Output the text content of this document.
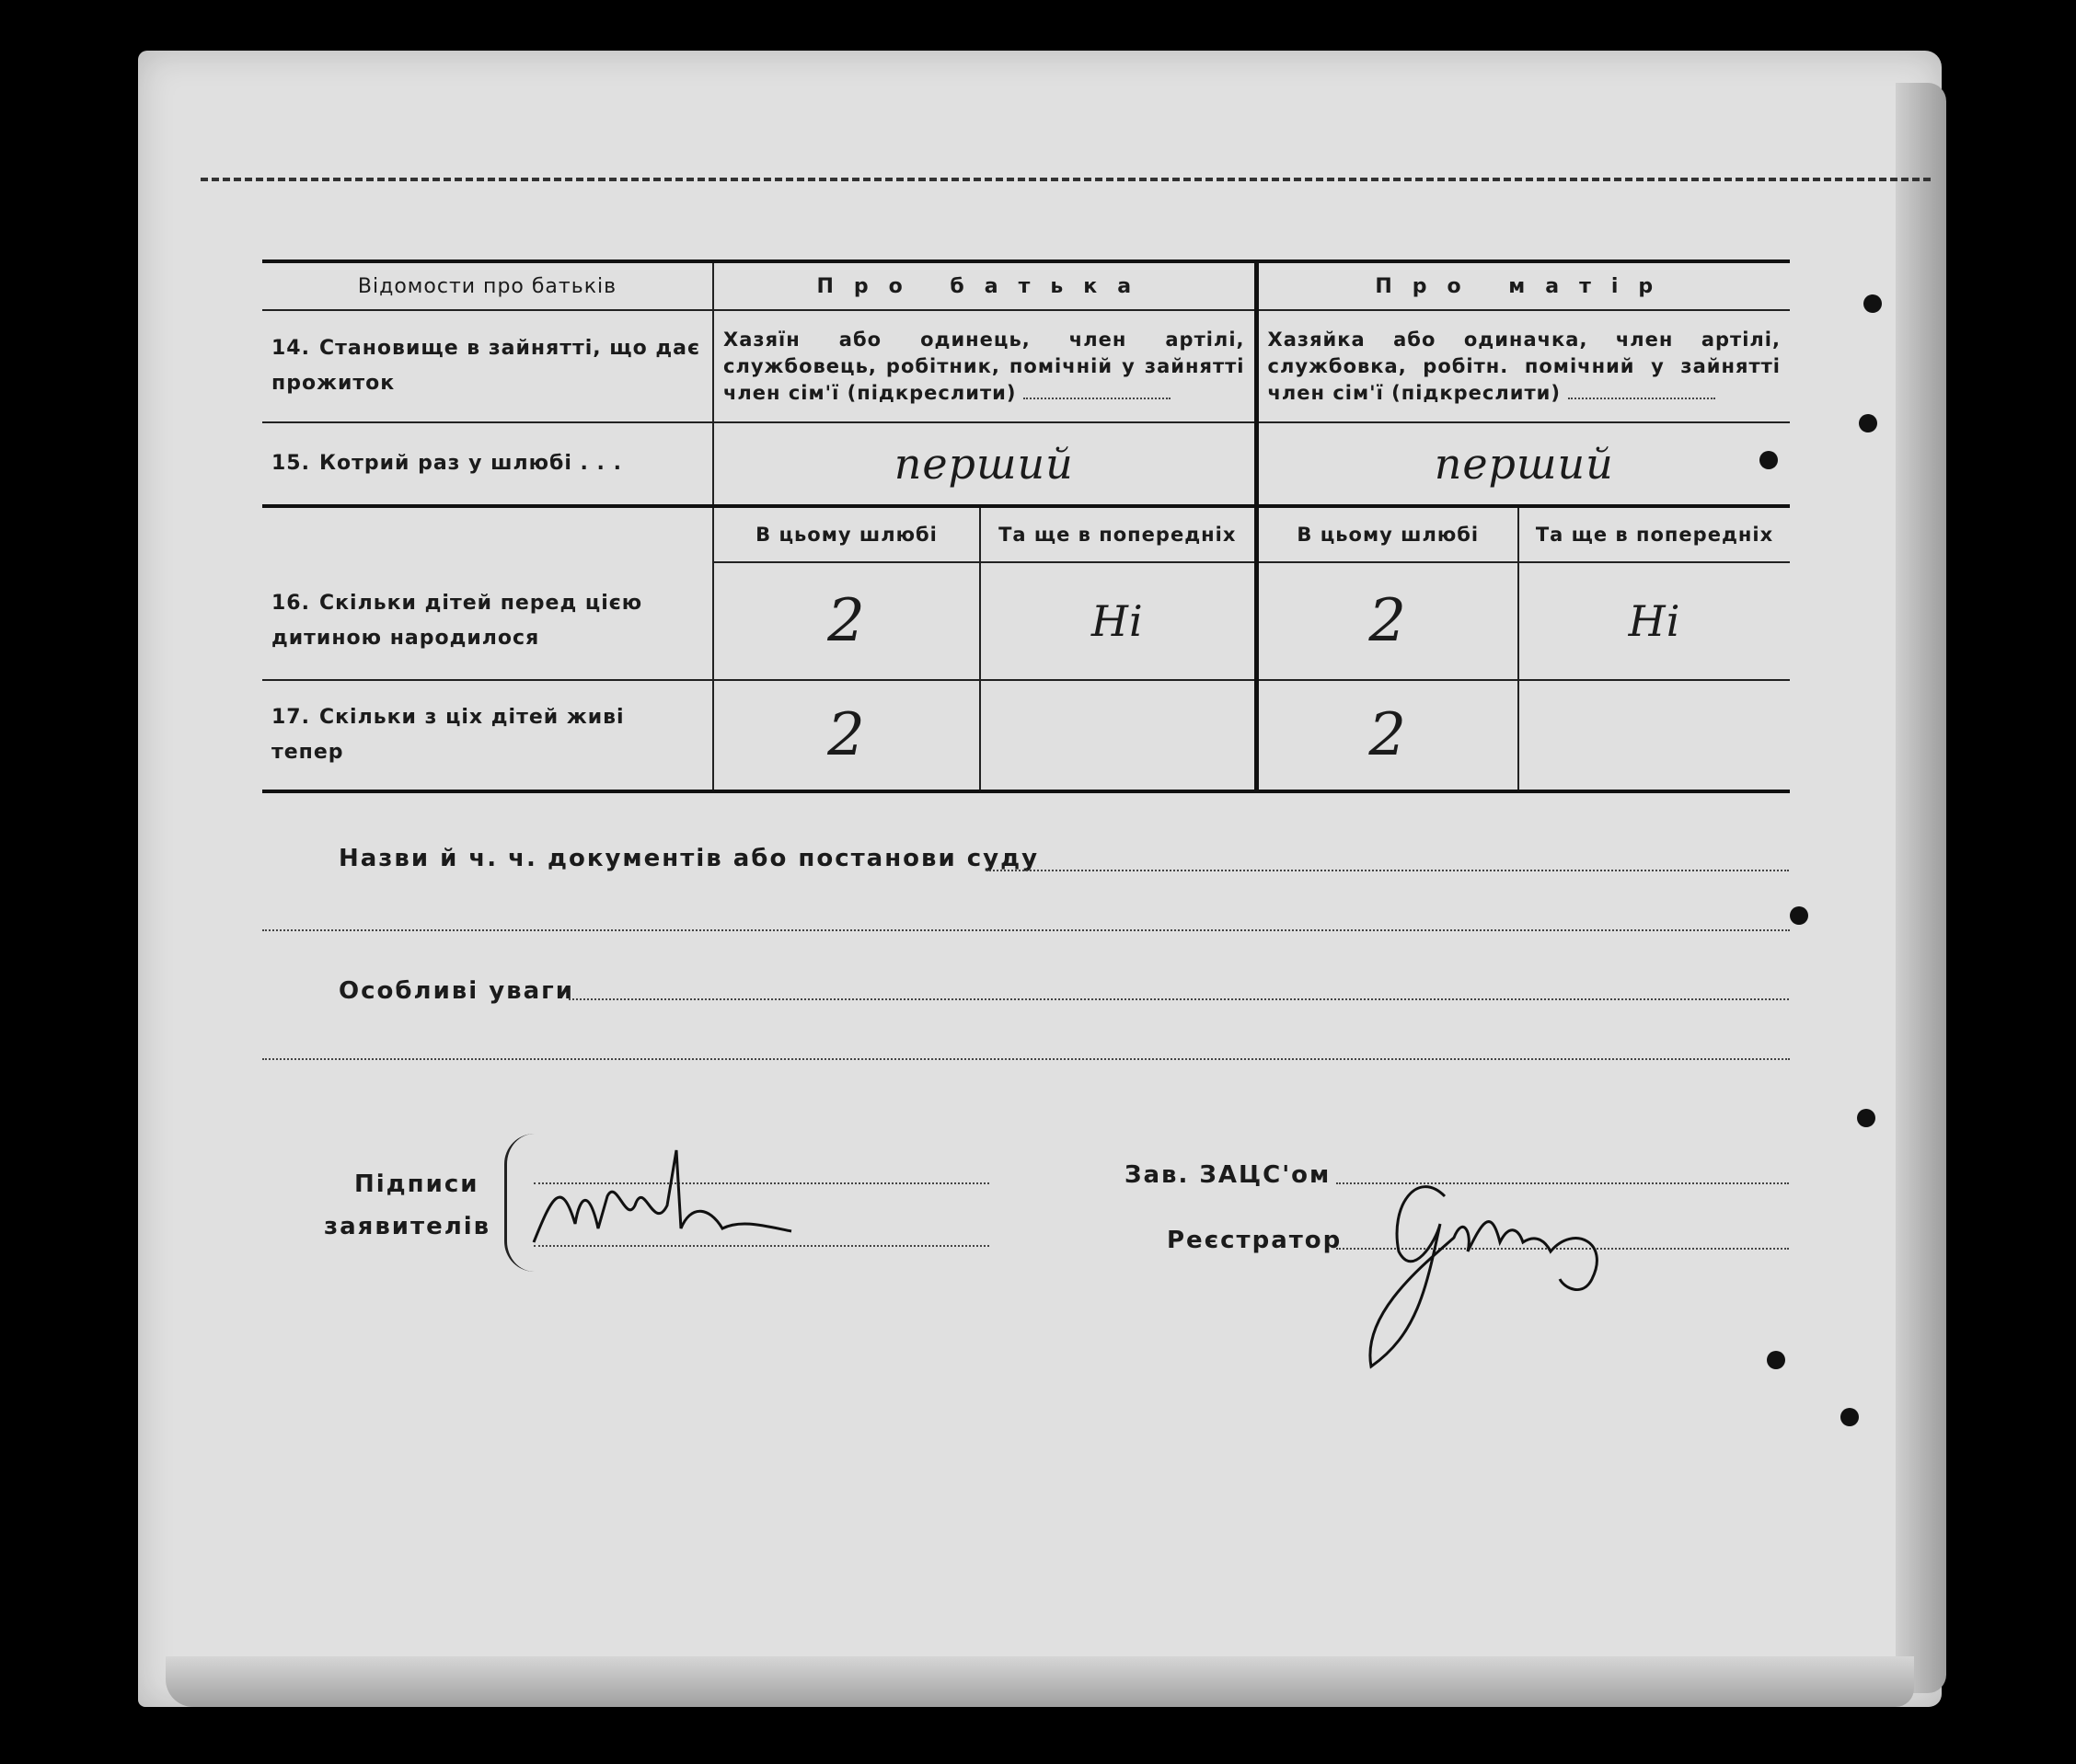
Відомости про батьків	Про батька		Про матір	
14. Становище в зайнятті, що дає прожиток	Хазяїн або одинець, член артілі, службовець, робітник, помічній у зайнятті член сім'ї (підкреслити)		Хазяйка або одиначка, член артілі, службовка, робітн. помічний у зайнятті член сім'ї (підкреслити)	
15. Котрий раз у шлюбі . . .	перший		перший	
	В цьому шлюбі	Та ще в попередніх	В цьому шлюбі	Та ще в попередніх
16. Скільки дітей перед цією дитиною народилося	2	Ні	2	Ні
17. Скільки з ціх дітей живі тепер	2		2	
Назви й ч. ч. документів або постанови суду
Особливі уваги
Підписи
заявителів
Зав. ЗАЦС'ом
Реєстратор
